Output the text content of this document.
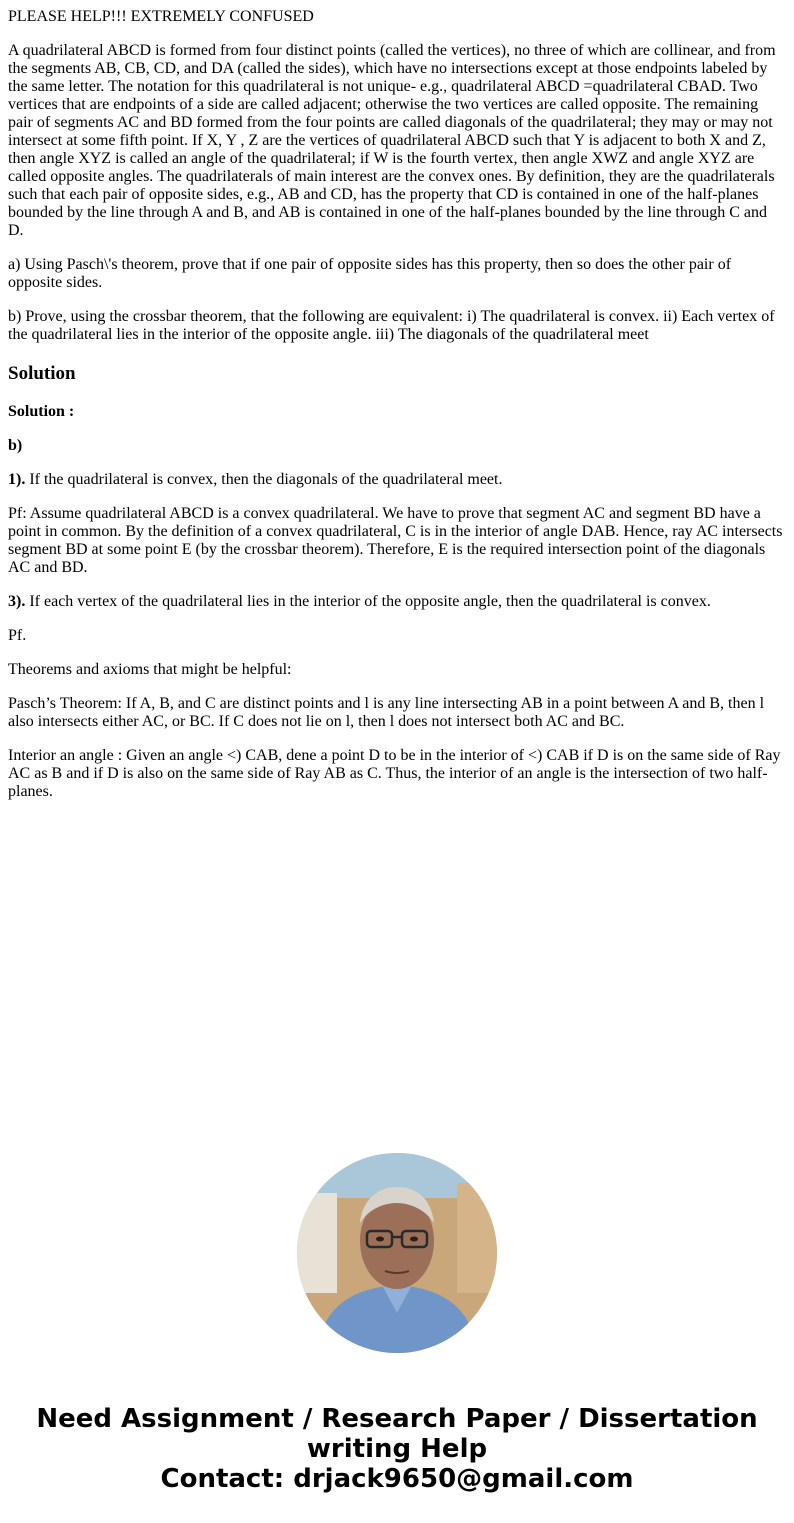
PLEASE HELP!!! EXTREMELY CONFUSED

A quadrilateral ABCD is formed from four distinct points (called the vertices), no three of which are collinear, and from the segments AB, CB, CD, and DA (called the sides), which have no intersections except at those endpoints labeled by the same letter. The notation for this quadrilateral is not unique- e.g., quadrilateral ABCD =quadrilateral CBAD. Two vertices that are endpoints of a side are called adjacent; otherwise the two vertices are called opposite. The remaining pair of segments AC and BD formed from the four points are called diagonals of the quadrilateral; they may or may not intersect at some fifth point. If X, Y , Z are the vertices of quadrilateral ABCD such that Y is adjacent to both X and Z, then angle XYZ is called an angle of the quadrilateral; if W is the fourth vertex, then angle XWZ and angle XYZ are called opposite angles. The quadrilaterals of main interest are the convex ones. By definition, they are the quadrilaterals such that each pair of opposite sides, e.g., AB and CD, has the property that CD is contained in one of the half-planes bounded by the line through A and B, and AB is contained in one of the half-planes bounded by the line through C and D.

a) Using Pasch\'s theorem, prove that if one pair of opposite sides has this property, then so does the other pair of opposite sides.

b) Prove, using the crossbar theorem, that the following are equivalent: i) The quadrilateral is convex. ii) Each vertex of the quadrilateral lies in the interior of the opposite angle. iii) The diagonals of the quadrilateral meet

Solution

Solution :

b)

1). If the quadrilateral is convex, then the diagonals of the quadrilateral meet.

Pf: Assume quadrilateral ABCD is a convex quadrilateral. We have to prove that segment AC and segment BD have a point in common. By the definition of a convex quadrilateral, C is in the interior of angle DAB. Hence, ray AC intersects segment BD at some point E (by the crossbar theorem). Therefore, E is the required intersection point of the diagonals AC and BD.

3). If each vertex of the quadrilateral lies in the interior of the opposite angle, then the quadrilateral is convex.

Pf.

Theorems and axioms that might be helpful:

Pasch’s Theorem: If A, B, and C are distinct points and l is any line intersecting AB in a point between A and B, then l also intersects either AC, or BC. If C does not lie on l, then l does not intersect both AC and BC.

Interior an angle : Given an angle <) CAB, dene a point D to be in the interior of <) CAB if D is on the same side of Ray AC as B and if D is also on the same side of Ray AB as C. Thus, the interior of an angle is the intersection of two half-planes.

Need Assignment / Research Paper / Dissertation
writing Help
Contact: drjack9650@gmail.com
